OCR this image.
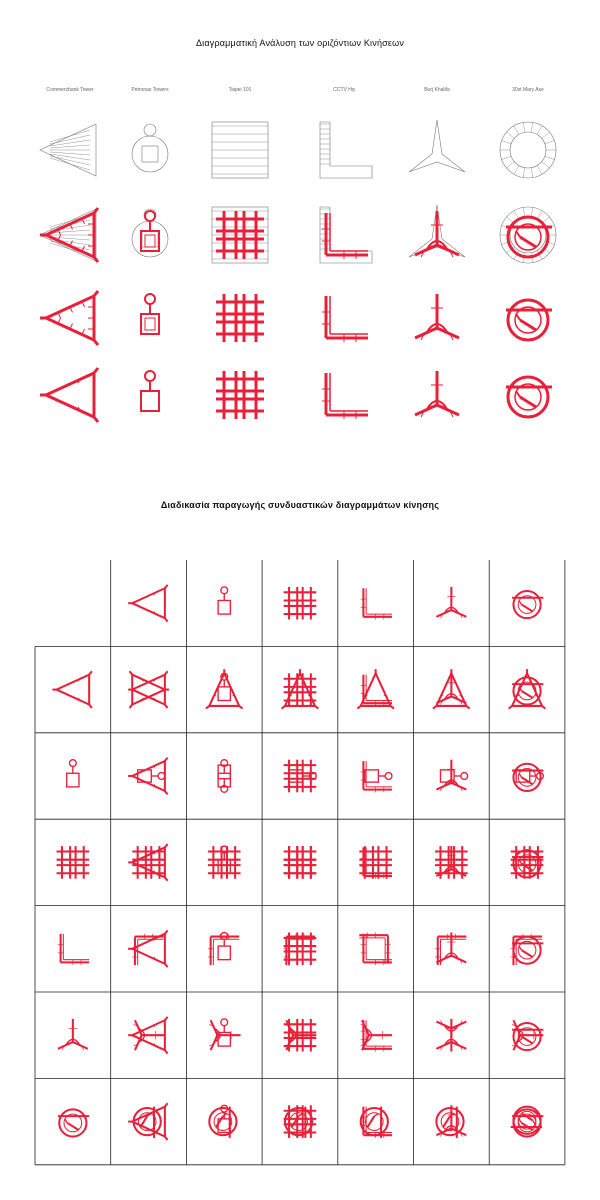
Διαγραμματική Ανάλυση των οριζόντιων Κινήσεων
Διαδικασία παραγωγής συνδυαστικών διαγραμμάτων κίνησης
Commerzbank Tower	Petronas Towers	Taipei 101	CCTV Hq	Burj Khalifa	30st Mary Axe
